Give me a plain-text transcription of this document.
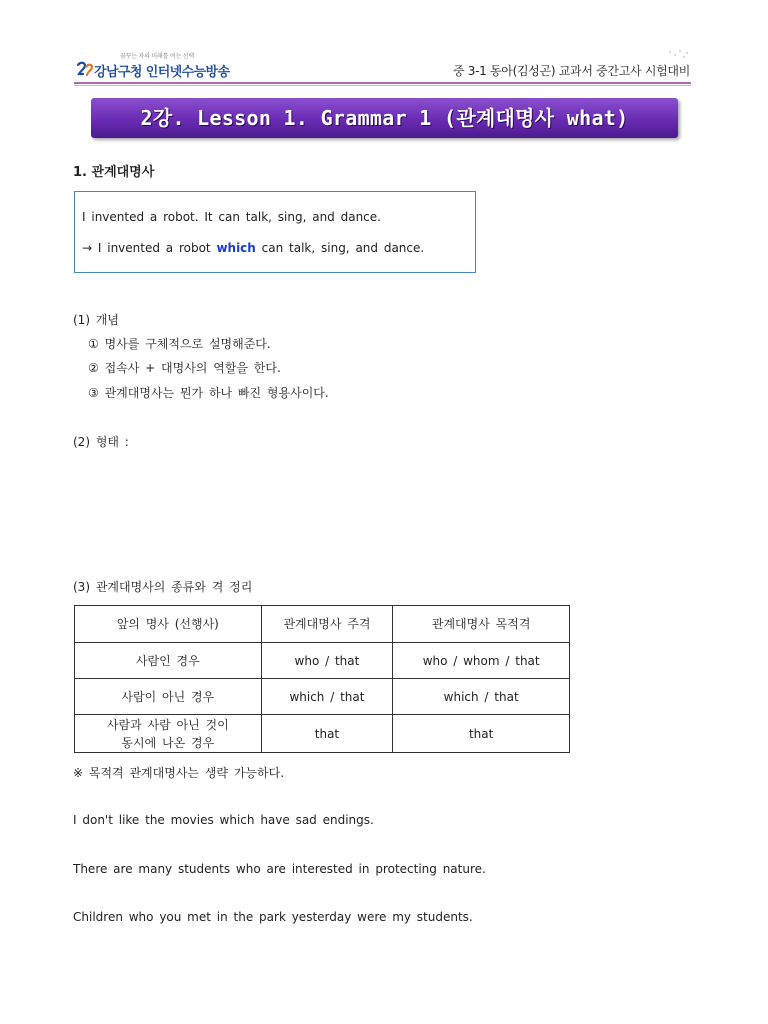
꿈꾸는 자의 미래를 여는 선택
강남구청 인터넷수능방송	중 3-1 동아(김성곤) 교과서 중간고사 시험대비
2강. Lesson 1. Grammar 1 (관계대명사 what)
1. 관계대명사
I invented a robot. It can talk, sing, and dance.
→ I invented a robot which can talk, sing, and dance.
(1) 개념
① 명사를 구체적으로 설명해준다.
② 접속사 + 대명사의 역할을 한다.
③ 관계대명사는 뭔가 하나 빠진 형용사이다.
(2) 형태 :
(3) 관계대명사의 종류와 격 정리
앞의 명사 (선행사)	관계대명사 주격	관계대명사 목적격
사람인 경우	who / that	who / whom / that
사람이 아닌 경우	which / that	which / that
사람과 사람 아닌 것이
동시에 나온 경우	that	that
※ 목적격 관계대명사는 생략 가능하다.
I don't like the movies which have sad endings.
There are many students who are interested in protecting nature.
Children who you met in the park yesterday were my students.
